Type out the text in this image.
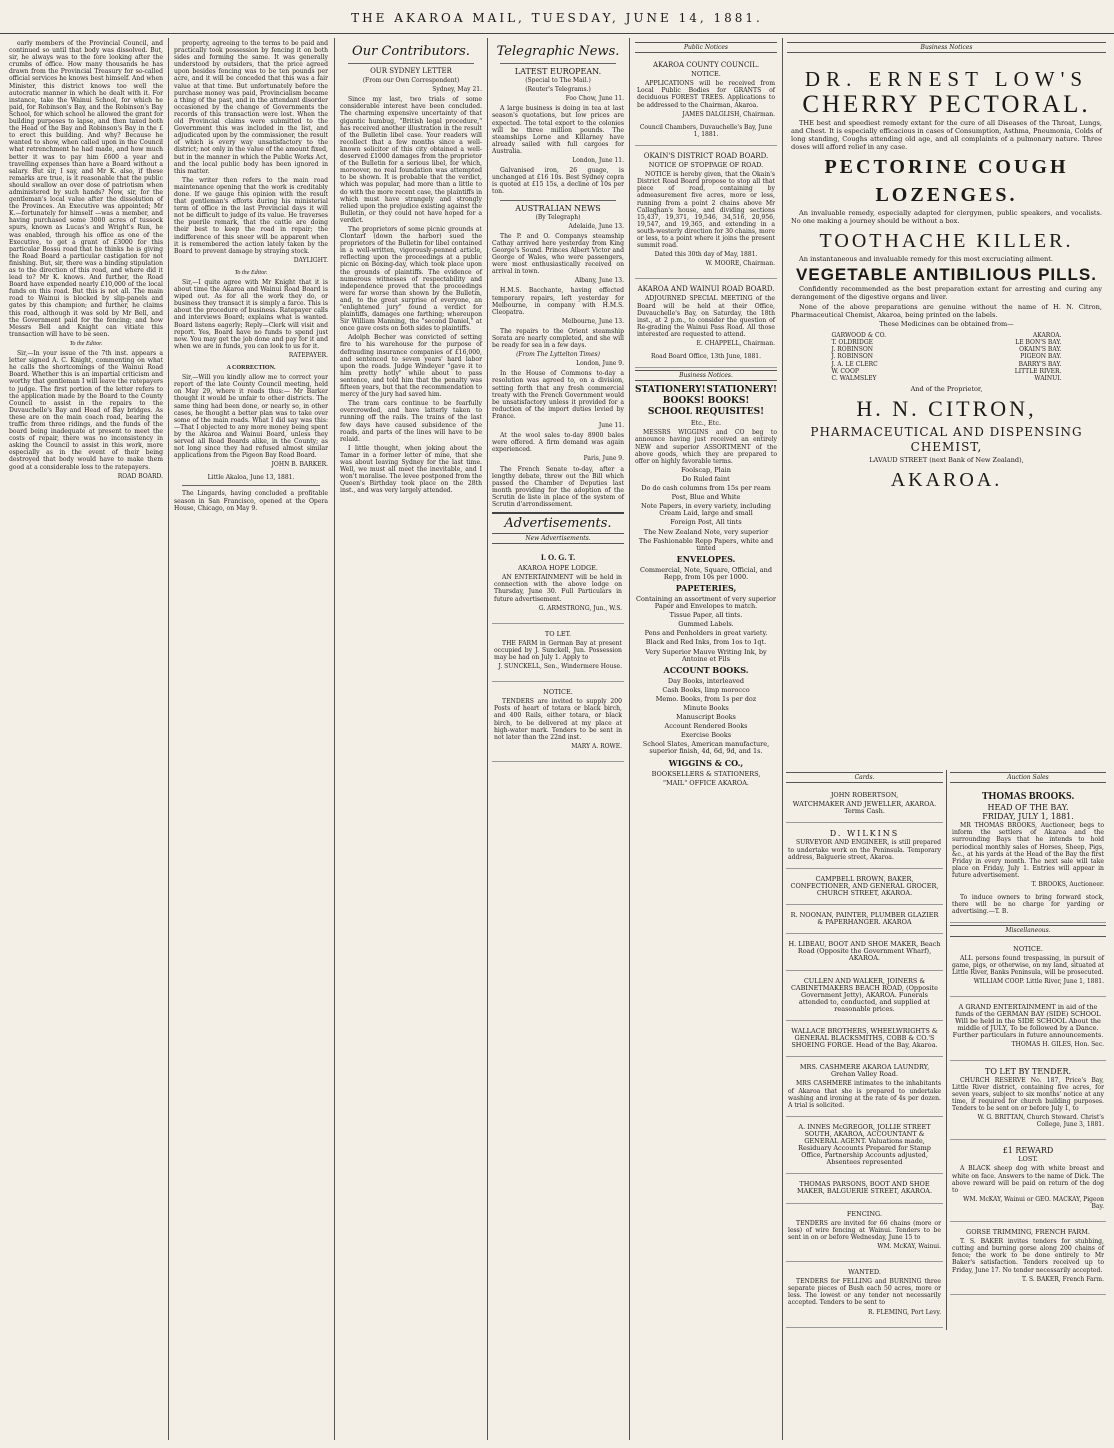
THE AKAROA MAIL, TUESDAY, JUNE 14, 1881.

early members of the Provincial Council, and continued so until that body was dissolved. But, sir, he always was to the fore looking after the crumbs of office. How many thousands he has drawn from the Provincial Treasury for so-called official services he knows best himself. And when Minister, this district knows too well the autocratic manner in which he dealt with it. For instance, take the Wainui School, for which he paid, for Robinson's Bay, and the Robinson's Bay School, for which school he allowed the grant for building purposes to lapse, and then taxed both the Head of the Bay and Robinson's Bay in the £ to erect this building. And why? Because he wanted to show, when called upon in the Council what retrenchment he had made, and how much better it was to pay him £600 a year and travelling expenses than have a Board without a salary. But sir, I say, and Mr K. also, if these remarks are true, is it reasonable that the public should swallow an over dose of patriotism when administered by such hands? Now, sir, for the gentleman's local value after the dissolution of the Provinces. An Executive was appointed; Mr K.—fortunately for himself —was a member, and having purchased some 3000 acres of tussock spurs, known as Lucas's and Wright's Run, he was enabled, through his office as one of the Executive, to get a grant of £3000 for this particular Bossu road that he thinks he is giving the Road Board a particular castigation for not finishing. But, sir, there was a binding stipulation as to the direction of this road, and where did it lead to? Mr K. knows. And further, the Road Board have expended nearly £10,000 of the local funds on this road. But this is not all. The main road to Wainui is blocked by slip-panels and gates by this champion; and further, he claims this road, although it was sold by Mr Bell, and the Government paid for the fencing; and how Messrs Bell and Knight can vitiate this transaction will have to be seen.

To the Editor.

Sir,—In your issue of the 7th inst. appears a letter signed A. C. Knight, commenting on what he calls the shortcomings of the Wainui Road Board. Whether this is an impartial criticism and worthy that gentleman I will leave the ratepayers to judge. The first portion of the letter refers to the application made by the Board to the County Council to assist in the repairs to the Duvauchelle's Bay and Head of Bay bridges. As these are on the main coach road, bearing the traffic from three ridings, and the funds of the board being inadequate at present to meet the costs of repair, there was no inconsistency in asking the Council to assist in this work, more especially as in the event of their being destroyed that body would have to make them good at a considerable loss to the ratepayers.

ROAD BOARD.

property, agreeing to the terms to be paid and practically took possession by fencing it on both sides and forming the same. It was generally understood by outsiders, that the price agreed upon besides fencing was to be ten pounds per acre, and it will be conceded that this was a fair value at that time. But unfortunately before the purchase money was paid, Provincialism became a thing of the past, and in the attendant disorder occasioned by the change of Governments the records of this transaction were lost. When the old Provincial claims were submitted to the Government this was included in the list, and adjudicated upon by the commissioner, the result of which is every way unsatisfactory to the district; not only in the value of the amount fixed, but in the manner in which the Public Works Act, and the local public body has been ignored in this matter.

The writer then refers to the main road maintenance opening that the work is creditably done. If we gauge this opinion with the result that gentleman's efforts during his ministerial term of office in the last Provincial days it will not be difficult to judge of its value. He traverses the puerile remark, that the cattle are doing their best to keep the road in repair; the indifference of this sneer will be apparent when it is remembered the action lately taken by the Board to prevent damage by straying stock.

DAYLIGHT.
To the Editor.

Sir,—I quite agree with Mr Knight that it is about time the Akaroa and Wainui Road Board is wiped out. As for all the work they do, or business they transact it is simply a farce. This is about the procedure of business. Ratepayer calls and interviews Board; explains what is wanted. Board listens eagerly; Reply—Clerk will visit and report. Yes, Board have no funds to spend just now. You may get the job done and pay for it and when we are in funds, you can look to us for it.

RATEPAYER.
A CORRECTION.

Sir,—Will you kindly allow me to correct your report of the late County Council meeting, held on May 29, where it reads thus:— Mr Barker thought it would be unfair to other districts. The same thing had been done, or nearly so, in other cases, he thought a better plan was to take over some of the main roads. What I did say was this:—That I objected to any more money being spent by the Akaroa and Wainui Board, unless they served all Road Boards alike, in the County; as not long since they had refused almost similar applications from the Pigeon Bay Road Board.

JOHN B. BARKER.
Little Akaloa, June 13, 1881.

The Lingards, having concluded a profitable season in San Francisco, opened at the Opera House, Chicago, on May 9.

Our Contributors.
OUR SYDNEY LETTER
(From our Own Correspondent)
Sydney, May 21.

Since my last, two trials of some considerable interest have been concluded. The charming expensive uncertainty of that gigantic humbug, "British legal procedure," has received another illustration in the result of the Bulletin libel case. Your readers will recollect that a few months since a well-known solicitor of this city obtained a well-deserved £1000 damages from the proprietor of the Bulletin for a serious libel, for which, moreover, no real foundation was attempted to be shown. It is probable that the verdict, which was popular, had more than a little to do with the more recent case, the plaintiffs in which must have strangely and strongly relied upon the prejudice existing against the Bulletin, or they could not have hoped for a verdict.

The proprietors of some picnic grounds at Clontarf (down the harbor) sued the proprietors of the Bulletin for libel contained in a well-written, vigorously-penned article, reflecting upon the proceedings at a public picnic on Boxing-day, which took place upon the grounds of plaintiffs. The evidence of numerous witnesses of respectability and independence proved that the proceedings were far worse than shown by the Bulletin, and, to the great surprise of everyone, an "enlightened jury" found a verdict for plaintiffs, damages one farthing; whereupon Sir William Manning, the "second Daniel," at once gave costs on both sides to plaintiffs.

Adolph Becher was convicted of setting fire to his warehouse for the purpose of defrauding insurance companies of £16,000, and sentenced to seven years' hard labor upon the roads. Judge Windeyer "gave it to him pretty hotly" while about to pass sentence, and told him that the penalty was fifteen years, but that the recommendation to mercy of the jury had saved him.

The tram cars continue to be fearfully overcrowded, and have latterly taken to running off the rails. The trains of the last few days have caused subsidence of the roads, and parts of the lines will have to be relaid.

I little thought, when joking about the Tamar in a former letter of mine, that she was about leaving Sydney for the last time. Well, we must all meet the inevitable, and I won't moralise. The levee postponed from the Queen's Birthday took place on the 28th inst., and was very largely attended.

Telegraphic News.
LATEST EUROPEAN.
(Special to The Mail.)
(Reuter's Telegrams.)
Foo Chow, June 11.

A large business is doing in tea at last season's quotations, but low prices are expected. The total export to the colonies will be three million pounds. The steamships Lorne and Killarney have already sailed with full cargoes for Australia.

London, June 11.

Galvanised iron, 26 guage, is unchanged at £16 10s. Best Sydney copra is quoted at £15 15s, a decline of 10s per ton.

AUSTRALIAN NEWS
(By Telegraph)
Adelaide, June 13.

The P. and O. Companys steamship Cathay arrived here yesterday from King George's Sound. Princes Albert Victor and George of Wales, who were passengers, were most enthusiastically received on arrival in town.

Albany, June 13.

H.M.S. Bacchante, having effected temporary repairs, left yesterday for Melbourne, in company with H.M.S. Cleopatra.

Melbourne, June 13.

The repairs to the Orient steamship Sorata are nearly completed, and she will be ready for sea in a few days.

(From The Lyttelton Times)
London, June 9.

In the House of Commons to-day a resolution was agreed to, on a division, setting forth that any fresh commercial treaty with the French Government would be unsatisfactory unless it provided for a reduction of the import duties levied by France.

June 11.

At the wool sales to-day 8900 bales were offered. A firm demand was again experienced.

Paris, June 9.

The French Senate to-day, after a lengthy debate, threw out the Bill which passed the Chamber of Deputies last month providing for the adoption of the Scrutin de liste in place of the system of Scrutin d'arrondissement.

Advertisements.
New Advertisements.
I. O. G. T.
AKAROA HOPE LODGE.

AN ENTERTAINMENT will be held in connection with the above lodge on Thursday, June 30. Full Particulars in future advertisement.

G. ARMSTRONG, Jun., W.S.
TO LET.

THE FARM in German Bay at present occupied by J. Sunckell, Jun. Possession may be had on July 1. Apply to

J. SUNCKELL, Sen., Windermere House.
NOTICE.

TENDERS are invited to supply 200 Posts of heart of totara or black birch, and 400 Rails, either totara, or black birch, to be delivered at my place at high-water mark. Tenders to be sent in not later than the 22nd inst.

MARY A. ROWE.
Public Notices
AKAROA COUNTY COUNCIL.
NOTICE.

APPLICATIONS will be received from Local Public Bodies for GRANTS of deciduous FOREST TREES. Applications to be addressed to the Chairman, Akaroa.

JAMES DALGLISH, Chairman.
Council Chambers, Duvauchelle's Bay, June 1, 1881.
OKAIN'S DISTRICT ROAD BOARD.
NOTICE OF STOPPAGE OF ROAD.

NOTICE is hereby given, that the Okain's District Road Board propose to stop all that piece of road, containing by admeasurement five acres, more or less, running from a point 2 chains above Mr Callaghan's house, and dividing sections 15,437, 19,371, 19,546, 34,516, 20,956, 19,547, and 19,365, and extending in a south-westerly direction for 30 chains, more or less, to a point where it joins the present summit road.

Dated this 30th day of May, 1881.
W. MOORE, Chairman.
AKAROA AND WAINUI ROAD BOARD.

ADJOURNED SPECIAL MEETING of the Board will be held at their Office, Duvauchelle's Bay, on Saturday, the 18th inst., at 2 p.m., to consider the question of Re-grading the Wainui Pass Road. All those interested are requested to attend.

E. CHAPPELL, Chairman.
Road Board Office, 13th June, 1881.
Business Notices.
STATIONERY! STATIONERY!
BOOKS! BOOKS!
SCHOOL REQUISITES!
Etc., Etc.

MESSRS WIGGINS and CO beg to announce having just received an entirely NEW and superior ASSORTMENT of the above goods, which they are prepared to offer on highly favorable terms.

Foolscap, Plain
Do Ruled faint
Do do cash columns from 15s per ream
Post, Blue and White
Note Papers, in every variety, including Cream Laid, large and small
Foreign Post, All tints
The New Zealand Note, very superior
The Fashionable Repp Papers, white and tinted
ENVELOPES.
Commercial, Note, Square, Official, and Repp, from 10s per 1000.
PAPETERIES,
Containing an assortment of very superior Paper and Envelopes to match.
Tissue Paper, all tints.
Gummed Labels.
Pens and Penholders in great variety.
Black and Red Inks, from 1os to 1qt.
Very Superior Mauve Writing Ink, by Antoine et Fils
ACCOUNT BOOKS.
Day Books, interleaved
Cash Books, limp morocco
Memo. Books, from 1s per doz
Minute Books
Manuscript Books
Account Rendered Books
Exercise Books
School Slates, American manufacture, superior finish, 4d, 6d, 9d, and 1s.
WIGGINS & CO.,
BOOKSELLERS & STATIONERS,
"MAIL" OFFICE AKAROA.
Business Notices
DR. ERNEST LOW'S
CHERRY PECTORAL.

THE best and speediest remedy extant for the cure of all Diseases of the Throat, Lungs, and Chest. It is especially efficacious in cases of Consumption, Asthma, Pneumonia, Colds of long standing, Coughs attending old age, and all complaints of a pulmonary nature. Three doses will afford relief in any case.

PECTORINE COUGH LOZENGES.

An invaluable remedy, especially adapted for clergymen, public speakers, and vocalists. No one making a journey should be without a box.

TOOTHACHE KILLER.

An instantaneous and invaluable remedy for this most excruciating ailment.

VEGETABLE ANTIBILIOUS PILLS.

Confidently recommended as the best preparation extant for arresting and curing any derangement of the digestive organs and liver.

None of the above preparations are genuine without the name of H. N. Citron, Pharmaceutical Chemist, Akaroa, being printed on the labels.

These Medicines can be obtained from—
GARWOOD & CO.	AKAROA.
T. OLDRIDGE	LE BON'S BAY.
J. ROBINSON	OKAIN'S BAY.
J. ROBINSON	PIGEON BAY.
J. A. LE CLERC	BARRY'S BAY.
W. COOP	LITTLE RIVER.
C. WALMSLEY	WAINUI.
And of the Proprietor,
H. N. CITRON,
PHARMACEUTICAL AND DISPENSING CHEMIST,
LAVAUD STREET (next Bank of New Zealand),
AKAROA.
Cards.
JOHN ROBERTSON,
WATCHMAKER AND JEWELLER, AKAROA. Terms Cash.
D. WILKINS

SURVEYOR AND ENGINEER, is still prepared to undertake work on the Peninsula. Temporary address, Balguerie street, Akaroa.

CAMPBELL BROWN, BAKER, CONFECTIONER, AND GENERAL GROCER, CHURCH STREET, AKAROA.
R. NOONAN, PAINTER, PLUMBER GLAZIER & PAPERHANGER. AKAROA
H. LIBEAU, BOOT AND SHOE MAKER, Beach Road (Opposite the Government Wharf), AKAROA.
CULLEN AND WALKER, JOINERS & CABINETMAKERS BEACH ROAD, (Opposite Government Jetty), AKAROA. Funerals attended to, conducted, and supplied at reasonable prices.
WALLACE BROTHERS, WHEELWRIGHTS & GENERAL BLACKSMITHS, COBB & CO.'S SHOEING FORGE. Head of the Bay, Akaroa.
MRS. CASHMERE AKAROA LAUNDRY, Grehan Valley Road.

MRS CASHMERE intimates to the inhabitants of Akaroa that she is prepared to undertake washing and ironing at the rate of 4s per dozen. A trial is solicited.

A. INNES McGREGOR, JOLLIE STREET SOUTH, AKAROA, ACCOUNTANT & GENERAL AGENT. Valuations made, Residuary Accounts Prepared for Stamp Office, Partnership Accounts adjusted, Absentees represented
THOMAS PARSONS, BOOT AND SHOE MAKER, BALGUERIE STREET, AKAROA.
FENCING.

TENDERS are invited for 66 chains (more or less) of wire fencing at Wainui. Tenders to be sent in on or before Wednesday, June 15 to

WM. McKAY, Wainui.
WANTED.

TENDERS for FELLING and BURNING three separate pieces of Bush each 50 acres, more or less. The lowest or any tender not necessarily accepted. Tenders to be sent to

R. FLEMING, Port Levy.
Auction Sales
THOMAS BROOKS.
HEAD OF THE BAY.
FRIDAY, JULY 1, 1881.

MR THOMAS BROOKS, Auctioneer, begs to inform the settlers of Akaroa and the surrounding Bays that he intends to hold periodical monthly sales of Horses, Sheep, Pigs, &c., at his yards at the Head of the Bay the first Friday in every month. The next sale will take place on Friday, July 1. Entries will appear in future advertisement.

T. BROOKS, Auctioneer.

To induce owners to bring forward stock, there will be no charge for yarding or advertising.—T. B.

Miscellaneous.
NOTICE.

ALL persons found trespassing, in pursuit of game, pigs, or otherwise, on my land, situated at Little River, Banks Peninsula, will be prosecuted.

WILLIAM COOP. Little River, June 1, 1881.
A GRAND ENTERTAINMENT in aid of the funds of the GERMAN BAY (SIDE) SCHOOL Will be held in the SIDE SCHOOL About the middle of JULY, To be followed by a Dance. Further particulars in future announcements.
THOMAS H. GILES, Hon. Sec.
TO LET BY TENDER.

CHURCH RESERVE No. 187, Price's Bay, Little River district, containing five acres, for seven years, subject to six months' notice at any time, if required for church building purposes. Tenders to be sent on or before July 1, to

W. G. BRITTAN, Church Steward. Christ's College, June 3, 1881.
£1 REWARD
LOST.

A BLACK sheep dog with white breast and white on face. Answers to the name of Dick. The above reward will be paid on return of the dog to

WM. McKAY, Wainui or GEO. MACKAY, Pigeon Bay.
GORSE TRIMMING, FRENCH FARM.

T. S. BAKER invites tenders for stubbing, cutting and burning gorse along 200 chains of fence; the work to be done entirely to Mr Baker's satisfaction. Tenders received up to Friday, June 17. No tender necessarily accepted.

T. S. BAKER, French Farm.
